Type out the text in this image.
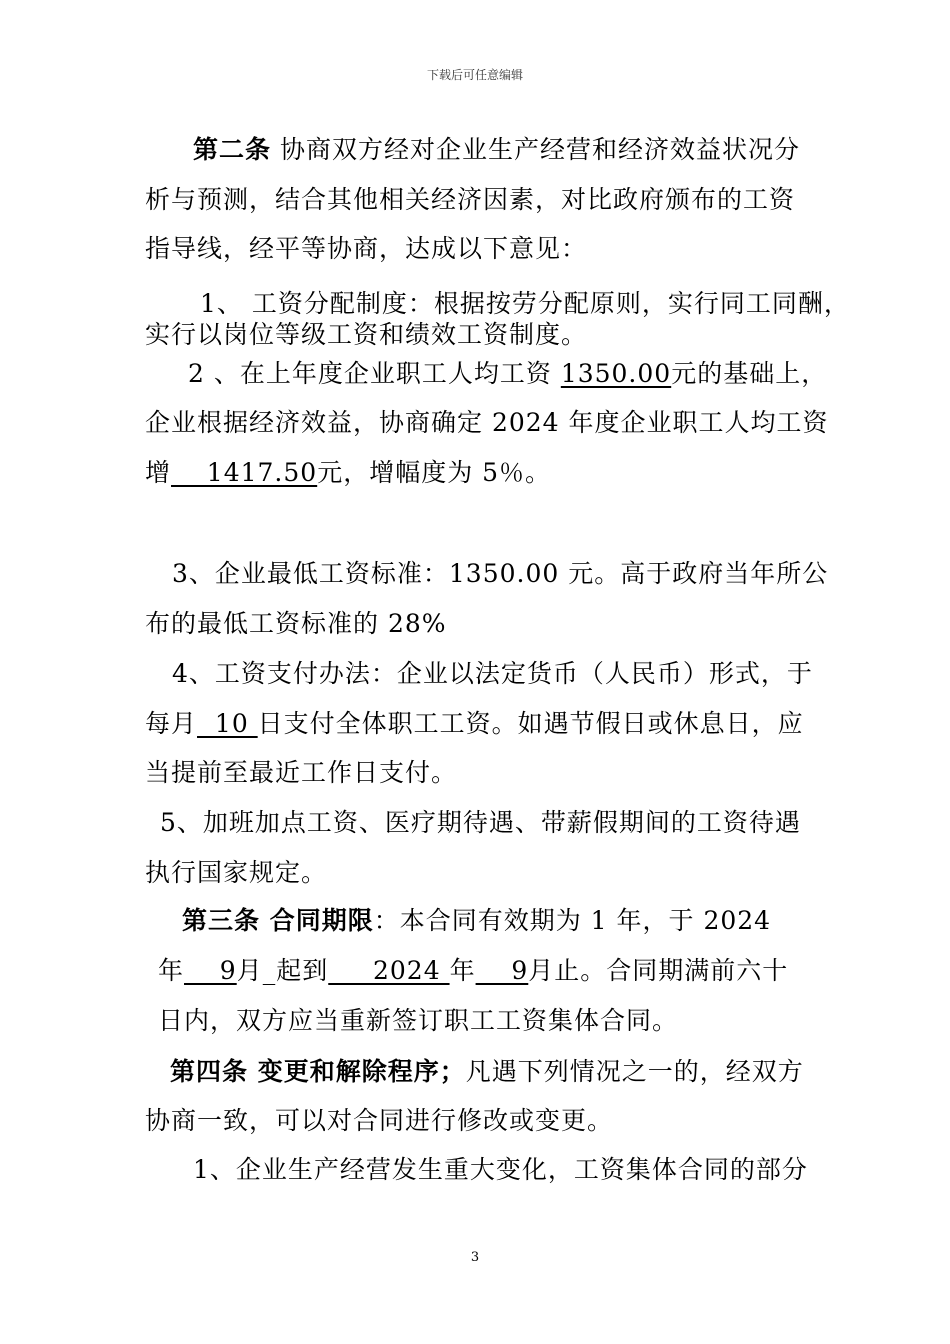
下载后可任意编辑
第二条 协商双方经对企业生产经营和经济效益状况分
析与预测，结合其他相关经济因素，对比政府颁布的工资
指导线，经平等协商，达成以下意见：
1、 工资分配制度：根据按劳分配原则，实行同工同酬，
实行以岗位等级工资和绩效工资制度。
2 、在上年度企业职工人均工资 1350.00元的基础上，
企业根据经济效益，协商确定 2024 年度企业职工人均工资
增    1417.50元，增幅度为 5％。
3、企业最低工资标准：1350.00 元。高于政府当年所公
布的最低工资标准的 28%
4、工资支付办法：企业以法定货币（人民币）形式，于
每月  10 日支付全体职工工资。如遇节假日或休息日，应
当提前至最近工作日支付。
5、加班加点工资、医疗期待遇、带薪假期间的工资待遇
执行国家规定。
第三条 合同期限：本合同有效期为 1 年，于 2024
年    9月_起到     2024 年    9月止。合同期满前六十
日内，双方应当重新签订职工工资集体合同。
第四条 变更和解除程序；凡遇下列情况之一的，经双方
协商一致，可以对合同进行修改或变更。
1、企业生产经营发生重大变化，工资集体合同的部分
3
